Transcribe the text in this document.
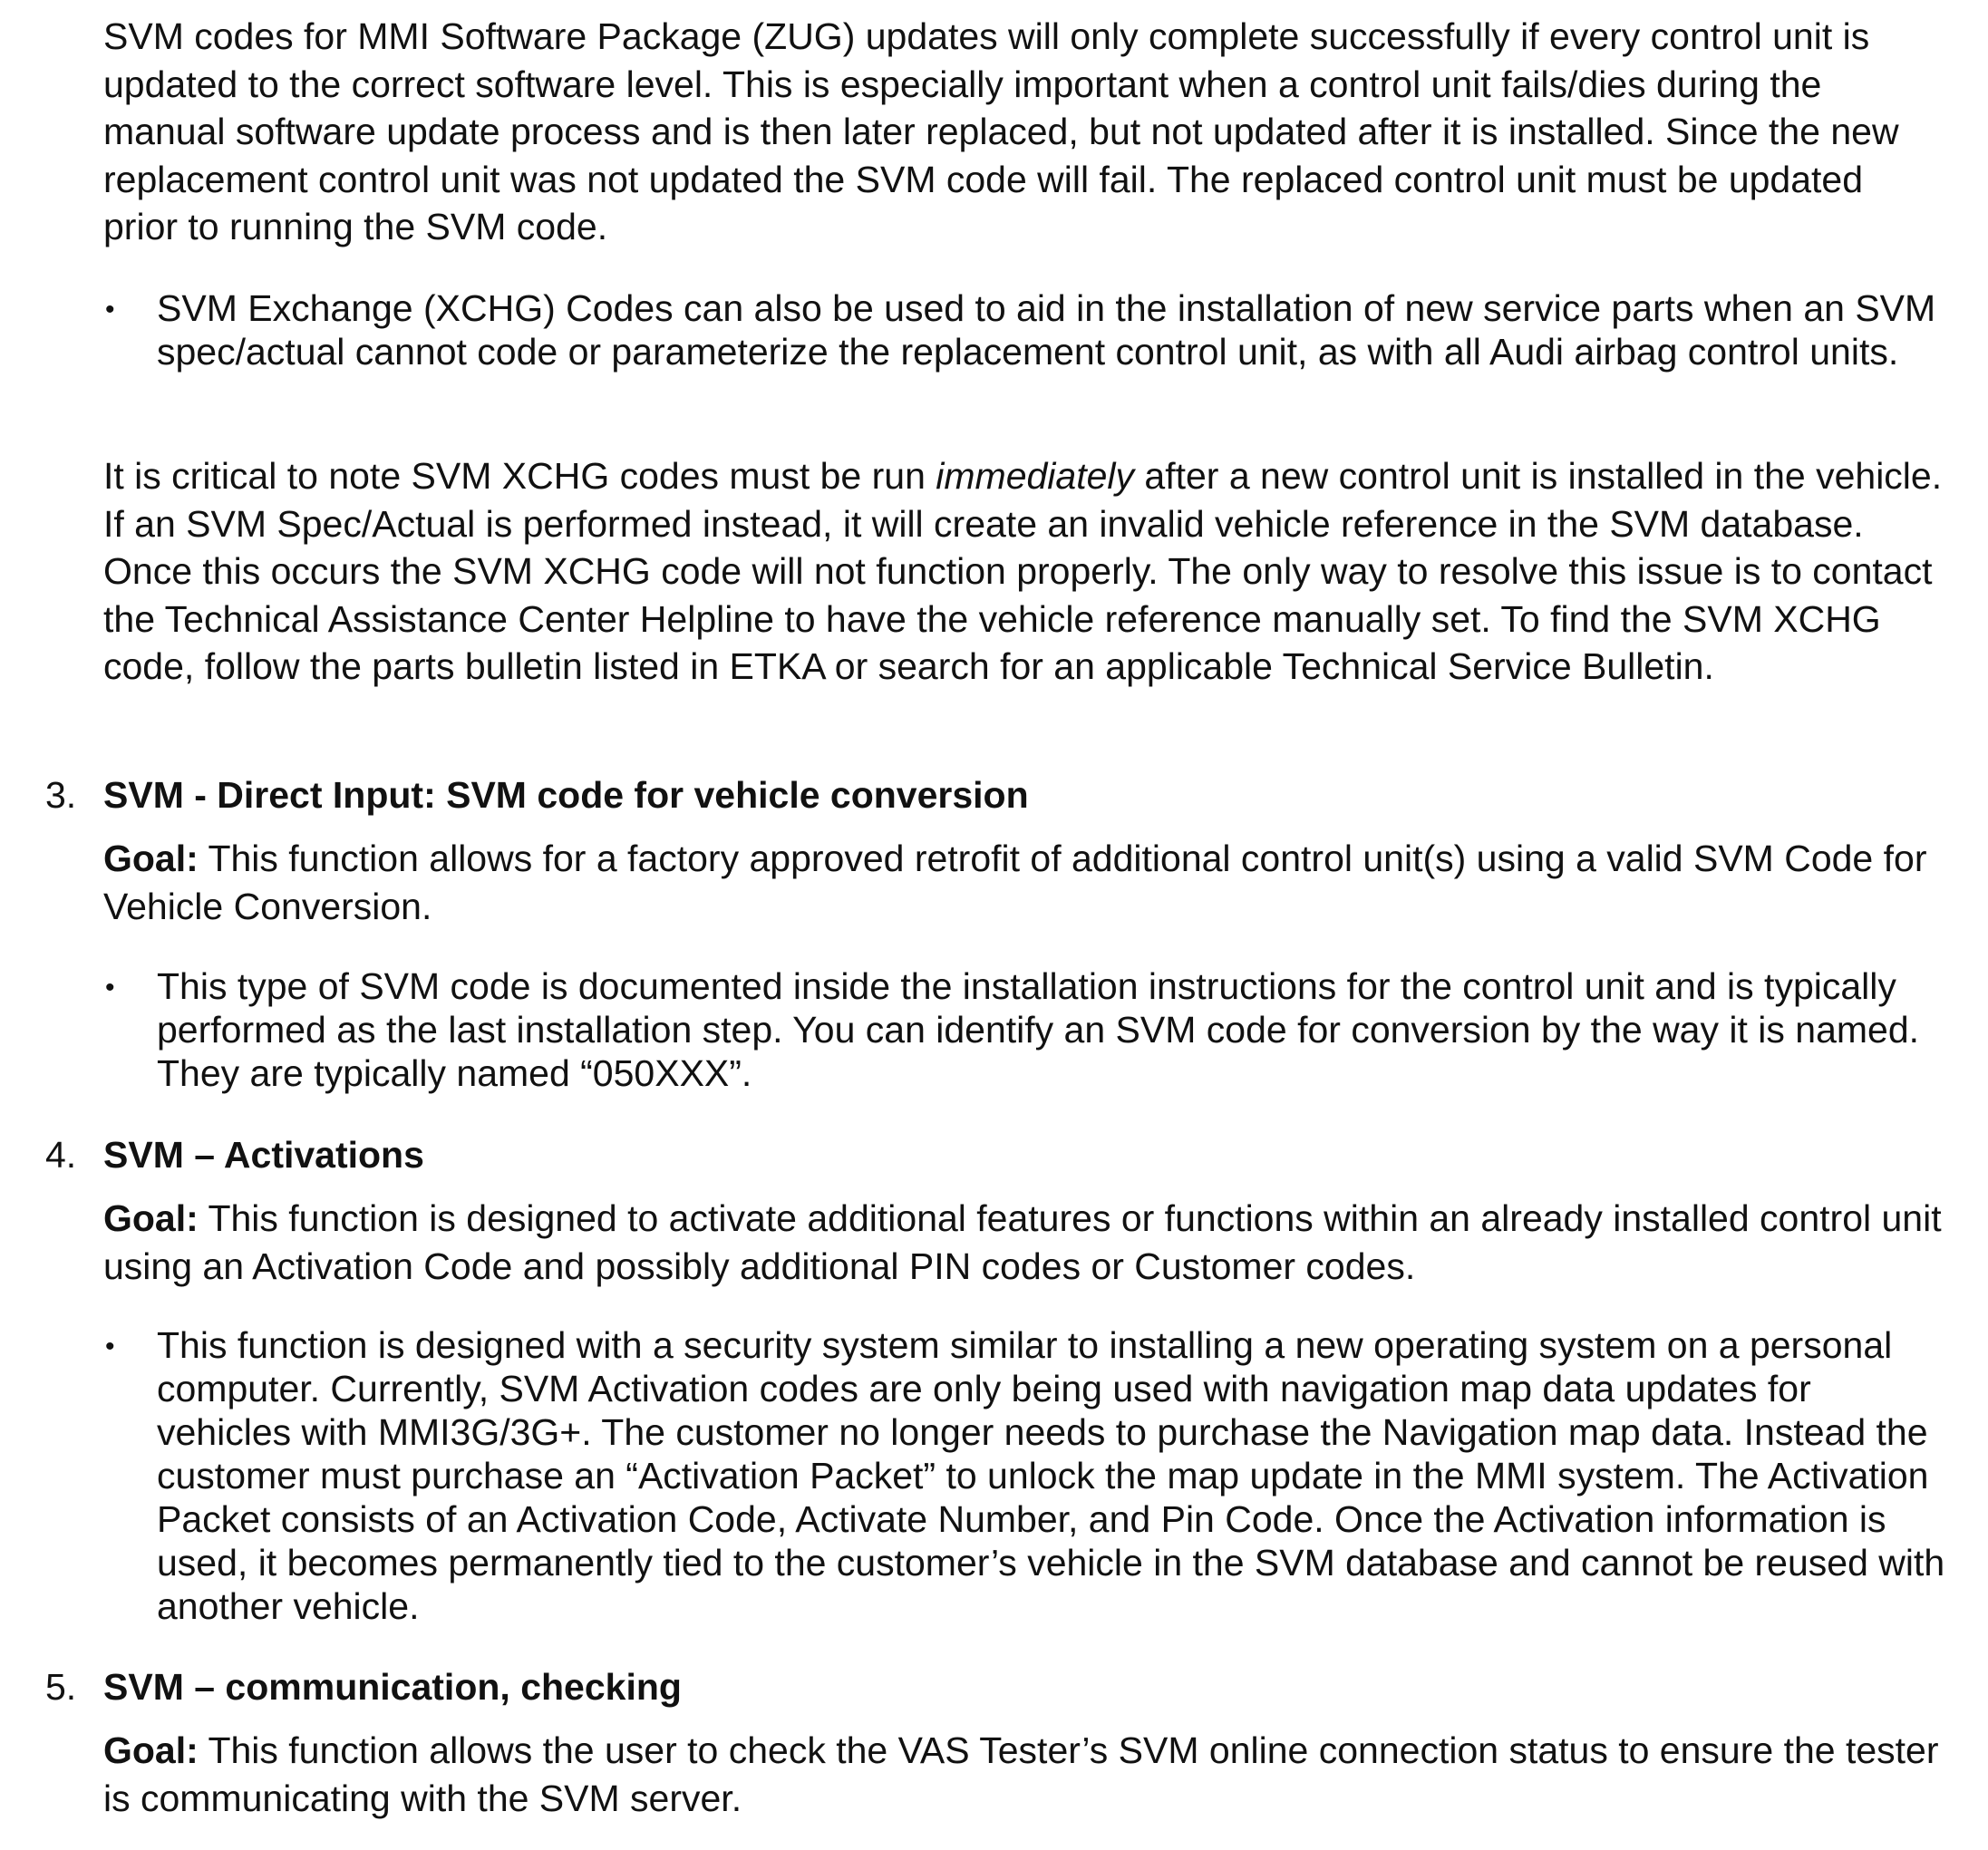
SVM codes for MMI Software Package (ZUG) updates will only complete successfully if every control unit is updated to the correct software level. This is especially important when a control unit fails/dies during the manual software update process and is then later replaced, but not updated after it is installed. Since the new replacement control unit was not updated the SVM code will fail. The replaced control unit must be updated prior to running the SVM code.

• SVM Exchange (XCHG) Codes can also be used to aid in the installation of new service parts when an SVM spec/actual cannot code or parameterize the replacement control unit, as with all Audi airbag control units.

It is critical to note SVM XCHG codes must be run immediately after a new control unit is installed in the vehicle. If an SVM Spec/Actual is performed instead, it will create an invalid vehicle reference in the SVM database. Once this occurs the SVM XCHG code will not function properly. The only way to resolve this issue is to contact the Technical Assistance Center Helpline to have the vehicle reference manually set. To find the SVM XCHG code, follow the parts bulletin listed in ETKA or search for an applicable Technical Service Bulletin.

3. SVM - Direct Input: SVM code for vehicle conversion

Goal: This function allows for a factory approved retrofit of additional control unit(s) using a valid SVM Code for Vehicle Conversion.

• This type of SVM code is documented inside the installation instructions for the control unit and is typically performed as the last installation step. You can identify an SVM code for conversion by the way it is named. They are typically named “050XXX”.

4. SVM – Activations

Goal: This function is designed to activate additional features or functions within an already installed control unit using an Activation Code and possibly additional PIN codes or Customer codes.

• This function is designed with a security system similar to installing a new operating system on a personal computer. Currently, SVM Activation codes are only being used with navigation map data updates for vehicles with MMI3G/3G+. The customer no longer needs to purchase the Navigation map data. Instead the customer must purchase an “Activation Packet” to unlock the map update in the MMI system. The Activation Packet consists of an Activation Code, Activate Number, and Pin Code. Once the Activation information is used, it becomes permanently tied to the customer’s vehicle in the SVM database and cannot be reused with another vehicle.

5. SVM – communication, checking

Goal: This function allows the user to check the VAS Tester’s SVM online connection status to ensure the tester is communicating with the SVM server.
